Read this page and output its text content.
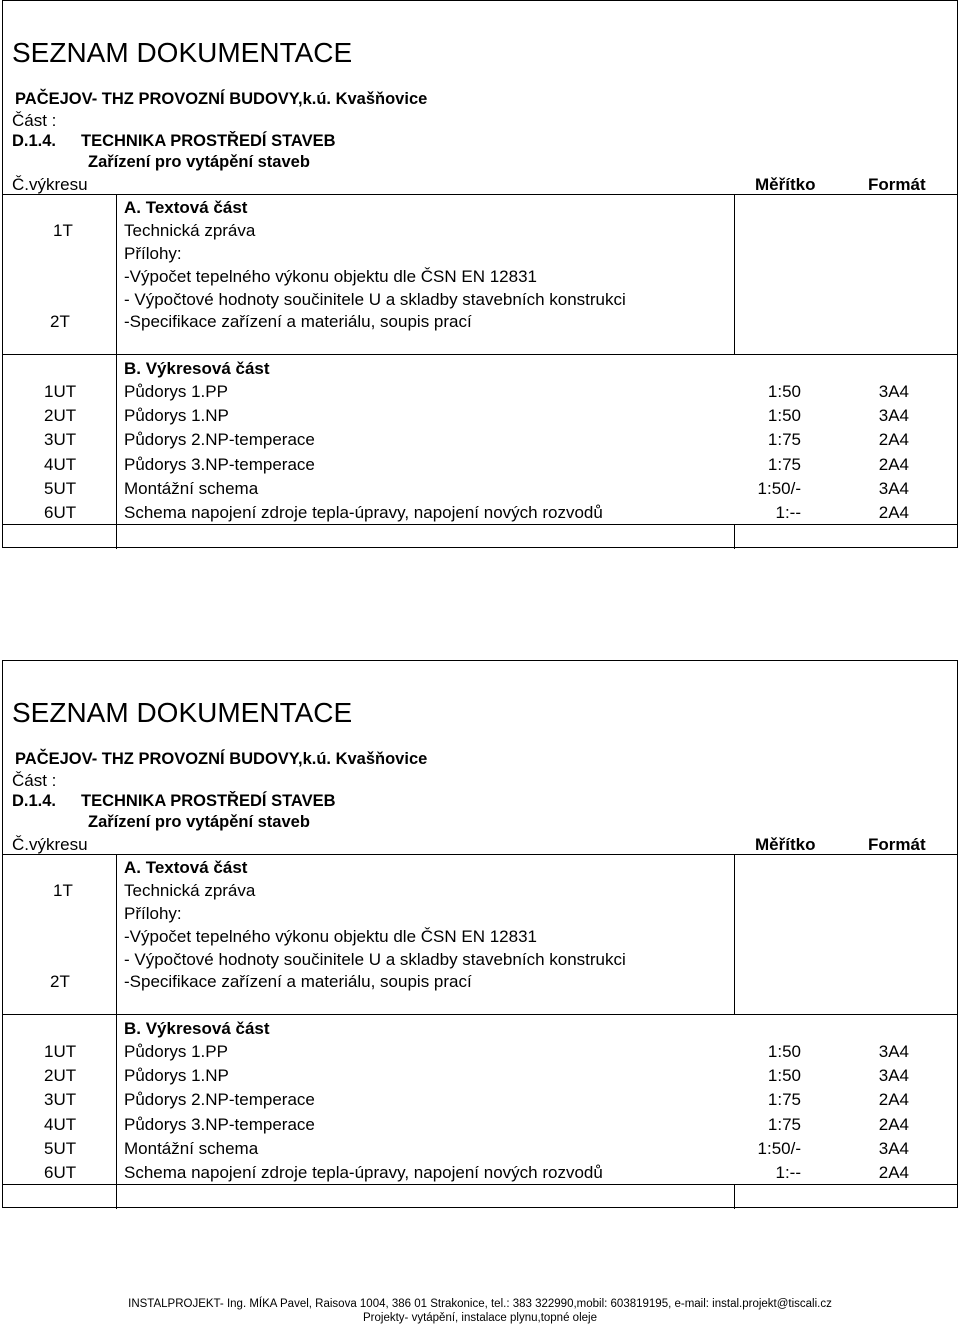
SEZNAM DOKUMENTACE
PAČEJOV- THZ PROVOZNÍ BUDOVY,k.ú. Kvašňovice
Část :
D.1.4. TECHNIKA PROSTŘEDÍ STAVEB
Zařízení pro vytápění staveb
Č.výkresu	Měřítko	Formát
A. Textová část
1T	Technická zpráva
Přílohy:
-Výpočet tepelného výkonu objektu dle ČSN EN 12831
- Výpočtové hodnoty součinitele U a skladby stavebních konstrukci
2T	-Specifikace zařízení a materiálu, soupis prací
B. Výkresová část
1UT	Půdorys 1.PP	1:50	3A4
2UT	Půdorys 1.NP	1:50	3A4
3UT	Půdorys 2.NP-temperace	1:75	2A4
4UT	Půdorys 3.NP-temperace	1:75	2A4
5UT	Montážní schema	1:50/-	3A4
6UT	Schema napojení zdroje tepla-úpravy, napojení nových rozvodů	1:--	2A4
SEZNAM DOKUMENTACE
PAČEJOV- THZ PROVOZNÍ BUDOVY,k.ú. Kvašňovice
Část :
D.1.4. TECHNIKA PROSTŘEDÍ STAVEB
Zařízení pro vytápění staveb
Č.výkresu	Měřítko	Formát
A. Textová část
1T	Technická zpráva
Přílohy:
-Výpočet tepelného výkonu objektu dle ČSN EN 12831
- Výpočtové hodnoty součinitele U a skladby stavebních konstrukci
2T	-Specifikace zařízení a materiálu, soupis prací
B. Výkresová část
1UT	Půdorys 1.PP	1:50	3A4
2UT	Půdorys 1.NP	1:50	3A4
3UT	Půdorys 2.NP-temperace	1:75	2A4
4UT	Půdorys 3.NP-temperace	1:75	2A4
5UT	Montážní schema	1:50/-	3A4
6UT	Schema napojení zdroje tepla-úpravy, napojení nových rozvodů	1:--	2A4
INSTALPROJEKT- Ing. MÍKA Pavel, Raisova 1004, 386 01 Strakonice, tel.: 383 322990,mobil: 603819195, e-mail: instal.projekt@tiscali.cz
Projekty- vytápění, instalace plynu,topné oleje
